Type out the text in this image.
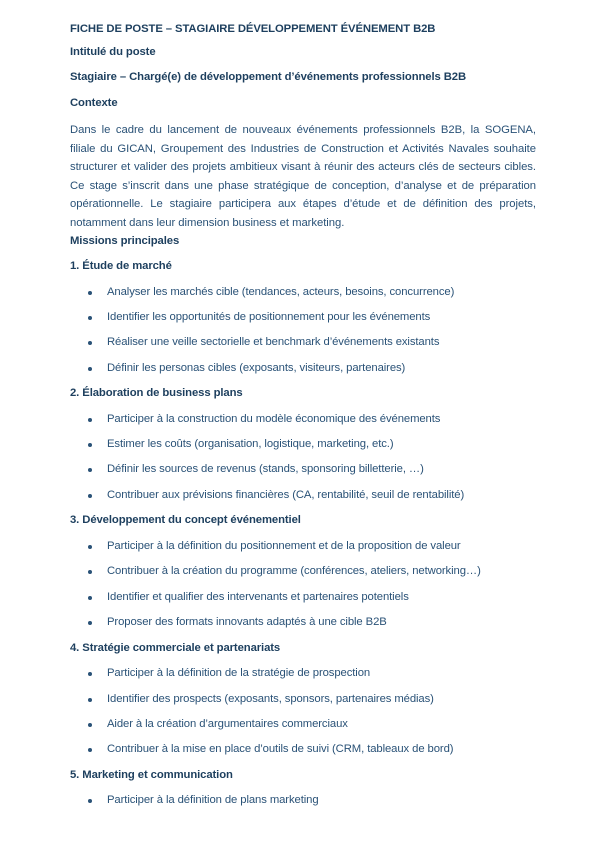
FICHE DE POSTE – STAGIAIRE DÉVELOPPEMENT ÉVÉNEMENT B2B
Intitulé du poste
Stagiaire – Chargé(e) de développement d’événements professionnels B2B
Contexte
Dans le cadre du lancement de nouveaux événements professionnels B2B, la SOGENA, filiale du GICAN, Groupement des Industries de Construction et Activités Navales souhaite structurer et valider des projets ambitieux visant à réunir des acteurs clés de secteurs cibles. Ce stage s’inscrit dans une phase stratégique de conception, d’analyse et de préparation opérationnelle. Le stagiaire participera aux étapes d’étude et de définition des projets, notamment dans leur dimension business et marketing.
Missions principales
1. Étude de marché
Analyser les marchés cible (tendances, acteurs, besoins, concurrence)
Identifier les opportunités de positionnement pour les événements
Réaliser une veille sectorielle et benchmark d’événements existants
Définir les personas cibles (exposants, visiteurs, partenaires)
2. Élaboration de business plans
Participer à la construction du modèle économique des événements
Estimer les coûts (organisation, logistique, marketing, etc.)
Définir les sources de revenus (stands, sponsoring billetterie, …)
Contribuer aux prévisions financières (CA, rentabilité, seuil de rentabilité)
3. Développement du concept événementiel
Participer à la définition du positionnement et de la proposition de valeur
Contribuer à la création du programme (conférences, ateliers, networking…)
Identifier et qualifier des intervenants et partenaires potentiels
Proposer des formats innovants adaptés à une cible B2B
4. Stratégie commerciale et partenariats
Participer à la définition de la stratégie de prospection
Identifier des prospects (exposants, sponsors, partenaires médias)
Aider à la création d’argumentaires commerciaux
Contribuer à la mise en place d’outils de suivi (CRM, tableaux de bord)
5. Marketing et communication
Participer à la définition de plans marketing
